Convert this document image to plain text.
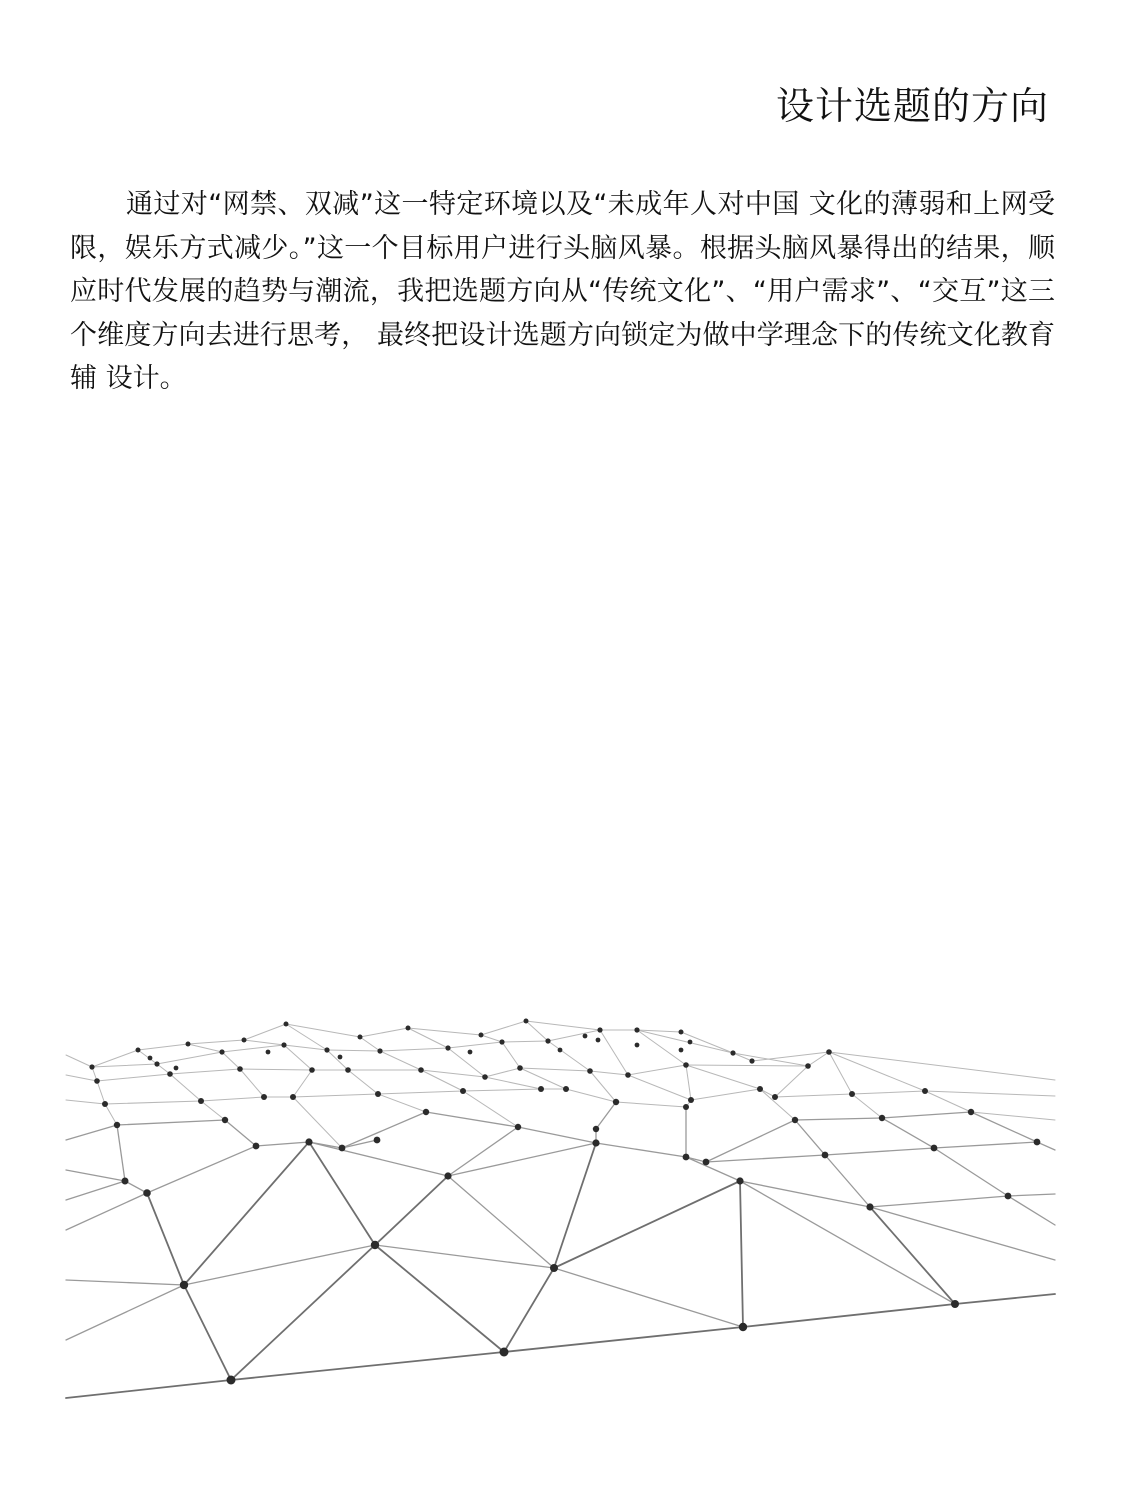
设计选题的方向

通过对“网禁、双减”这一特定环境以及“未成年人对中国 文化的薄弱和上网受限，娱乐方式减少。”这一个目标用户进行头脑风暴。根据头脑风暴得出的结果，顺应时代发展的趋势与潮流，我把选题方向从“传统文化”、“用户需求”、“交互”这三个维度方向去进行思考， 最终把设计选题方向锁定为做中学理念下的传统文化教育辅 设计。
